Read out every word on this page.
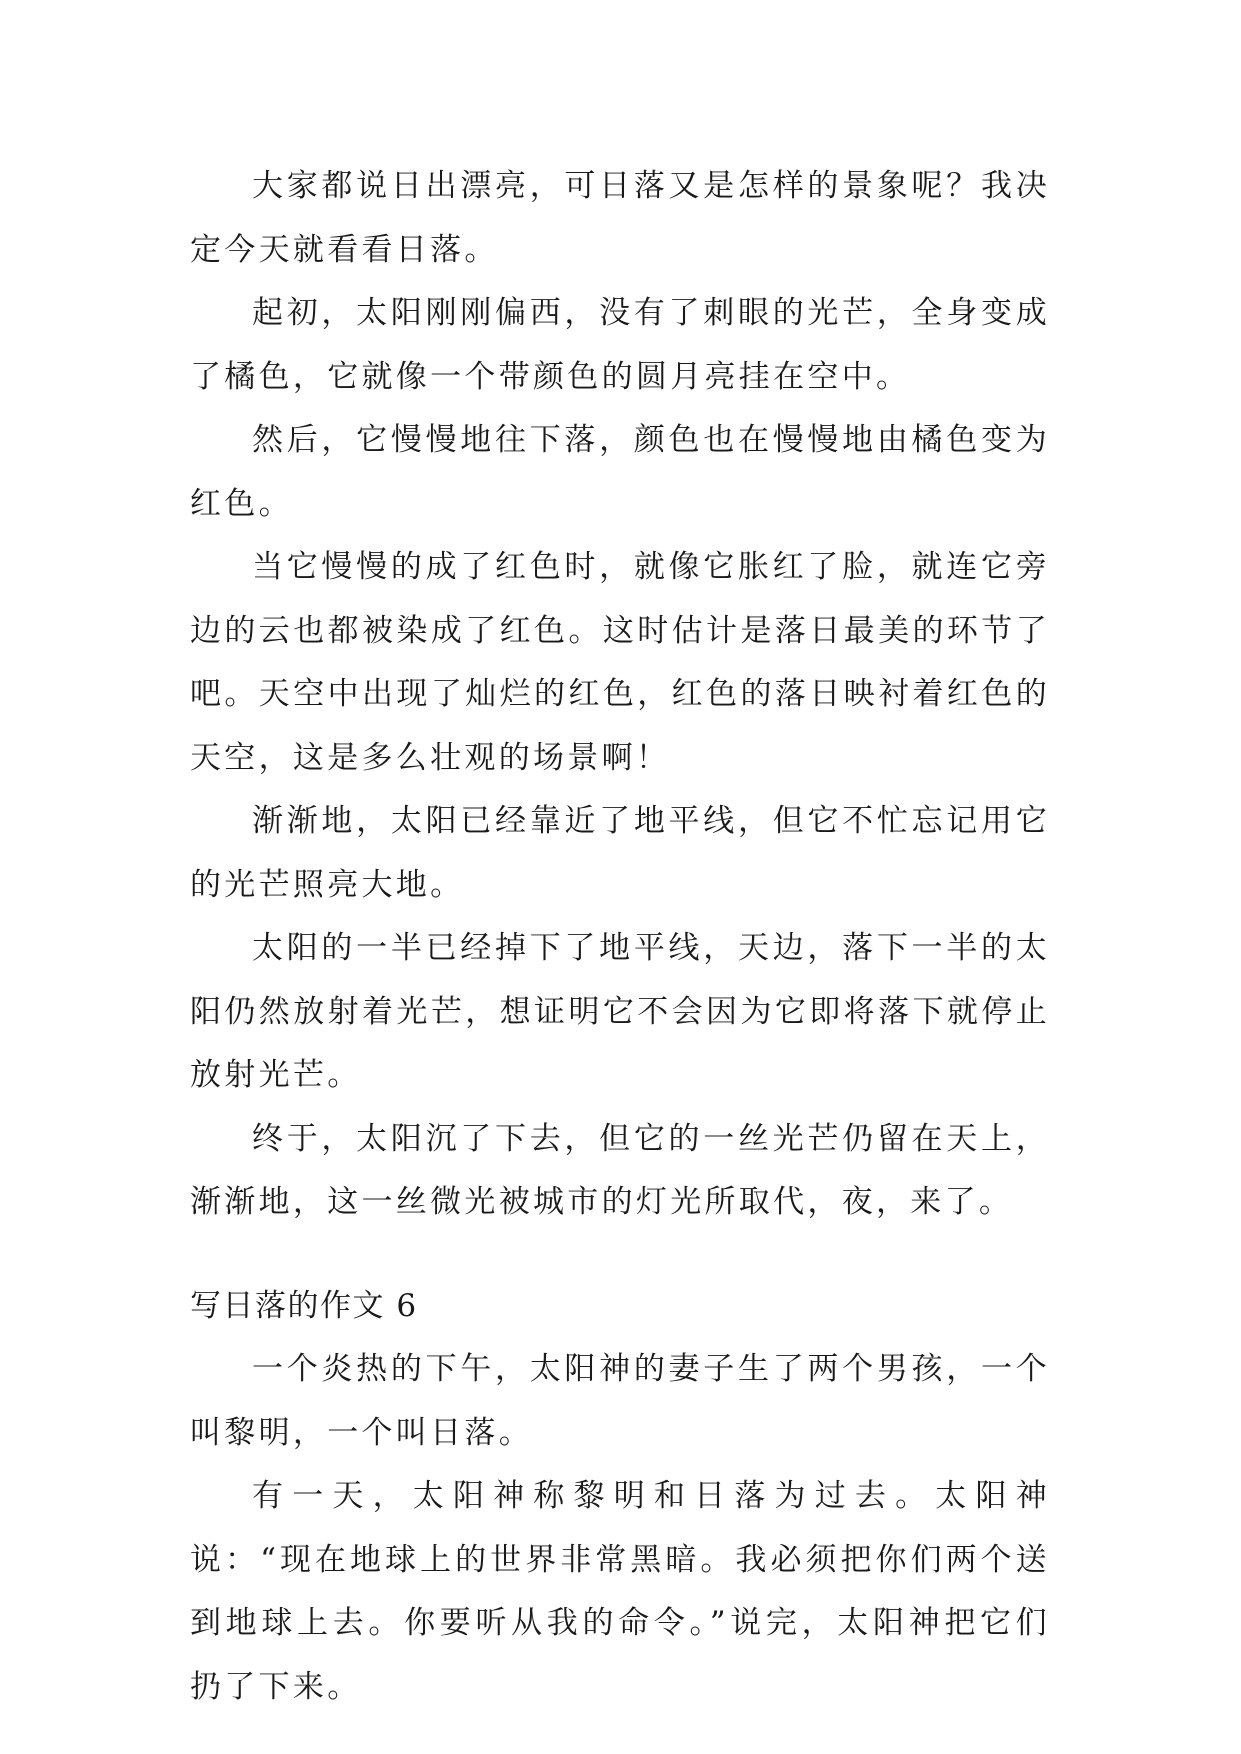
大家都说日出漂亮，可日落又是怎样的景象呢？我决定今天就看看日落。

起初，太阳刚刚偏西，没有了刺眼的光芒，全身变成了橘色，它就像一个带颜色的圆月亮挂在空中。

然后，它慢慢地往下落，颜色也在慢慢地由橘色变为红色。

当它慢慢的成了红色时，就像它胀红了脸，就连它旁边的云也都被染成了红色。这时估计是落日最美的环节了吧。天空中出现了灿烂的红色，红色的落日映衬着红色的天空，这是多么壮观的场景啊！

渐渐地，太阳已经靠近了地平线，但它不忙忘记用它的光芒照亮大地。

太阳的一半已经掉下了地平线，天边，落下一半的太阳仍然放射着光芒，想证明它不会因为它即将落下就停止放射光芒。

终于，太阳沉了下去，但它的一丝光芒仍留在天上，渐渐地，这一丝微光被城市的灯光所取代，夜，来了。

写日落的作文 6

一个炎热的下午，太阳神的妻子生了两个男孩，一个叫黎明，一个叫日落。

有一天，太阳神称黎明和日落为过去。太阳神说：“现在地球上的世界非常黑暗。我必须把你们两个送到地球上去。你要听从我的命令。”说完，太阳神把它们扔了下来。
